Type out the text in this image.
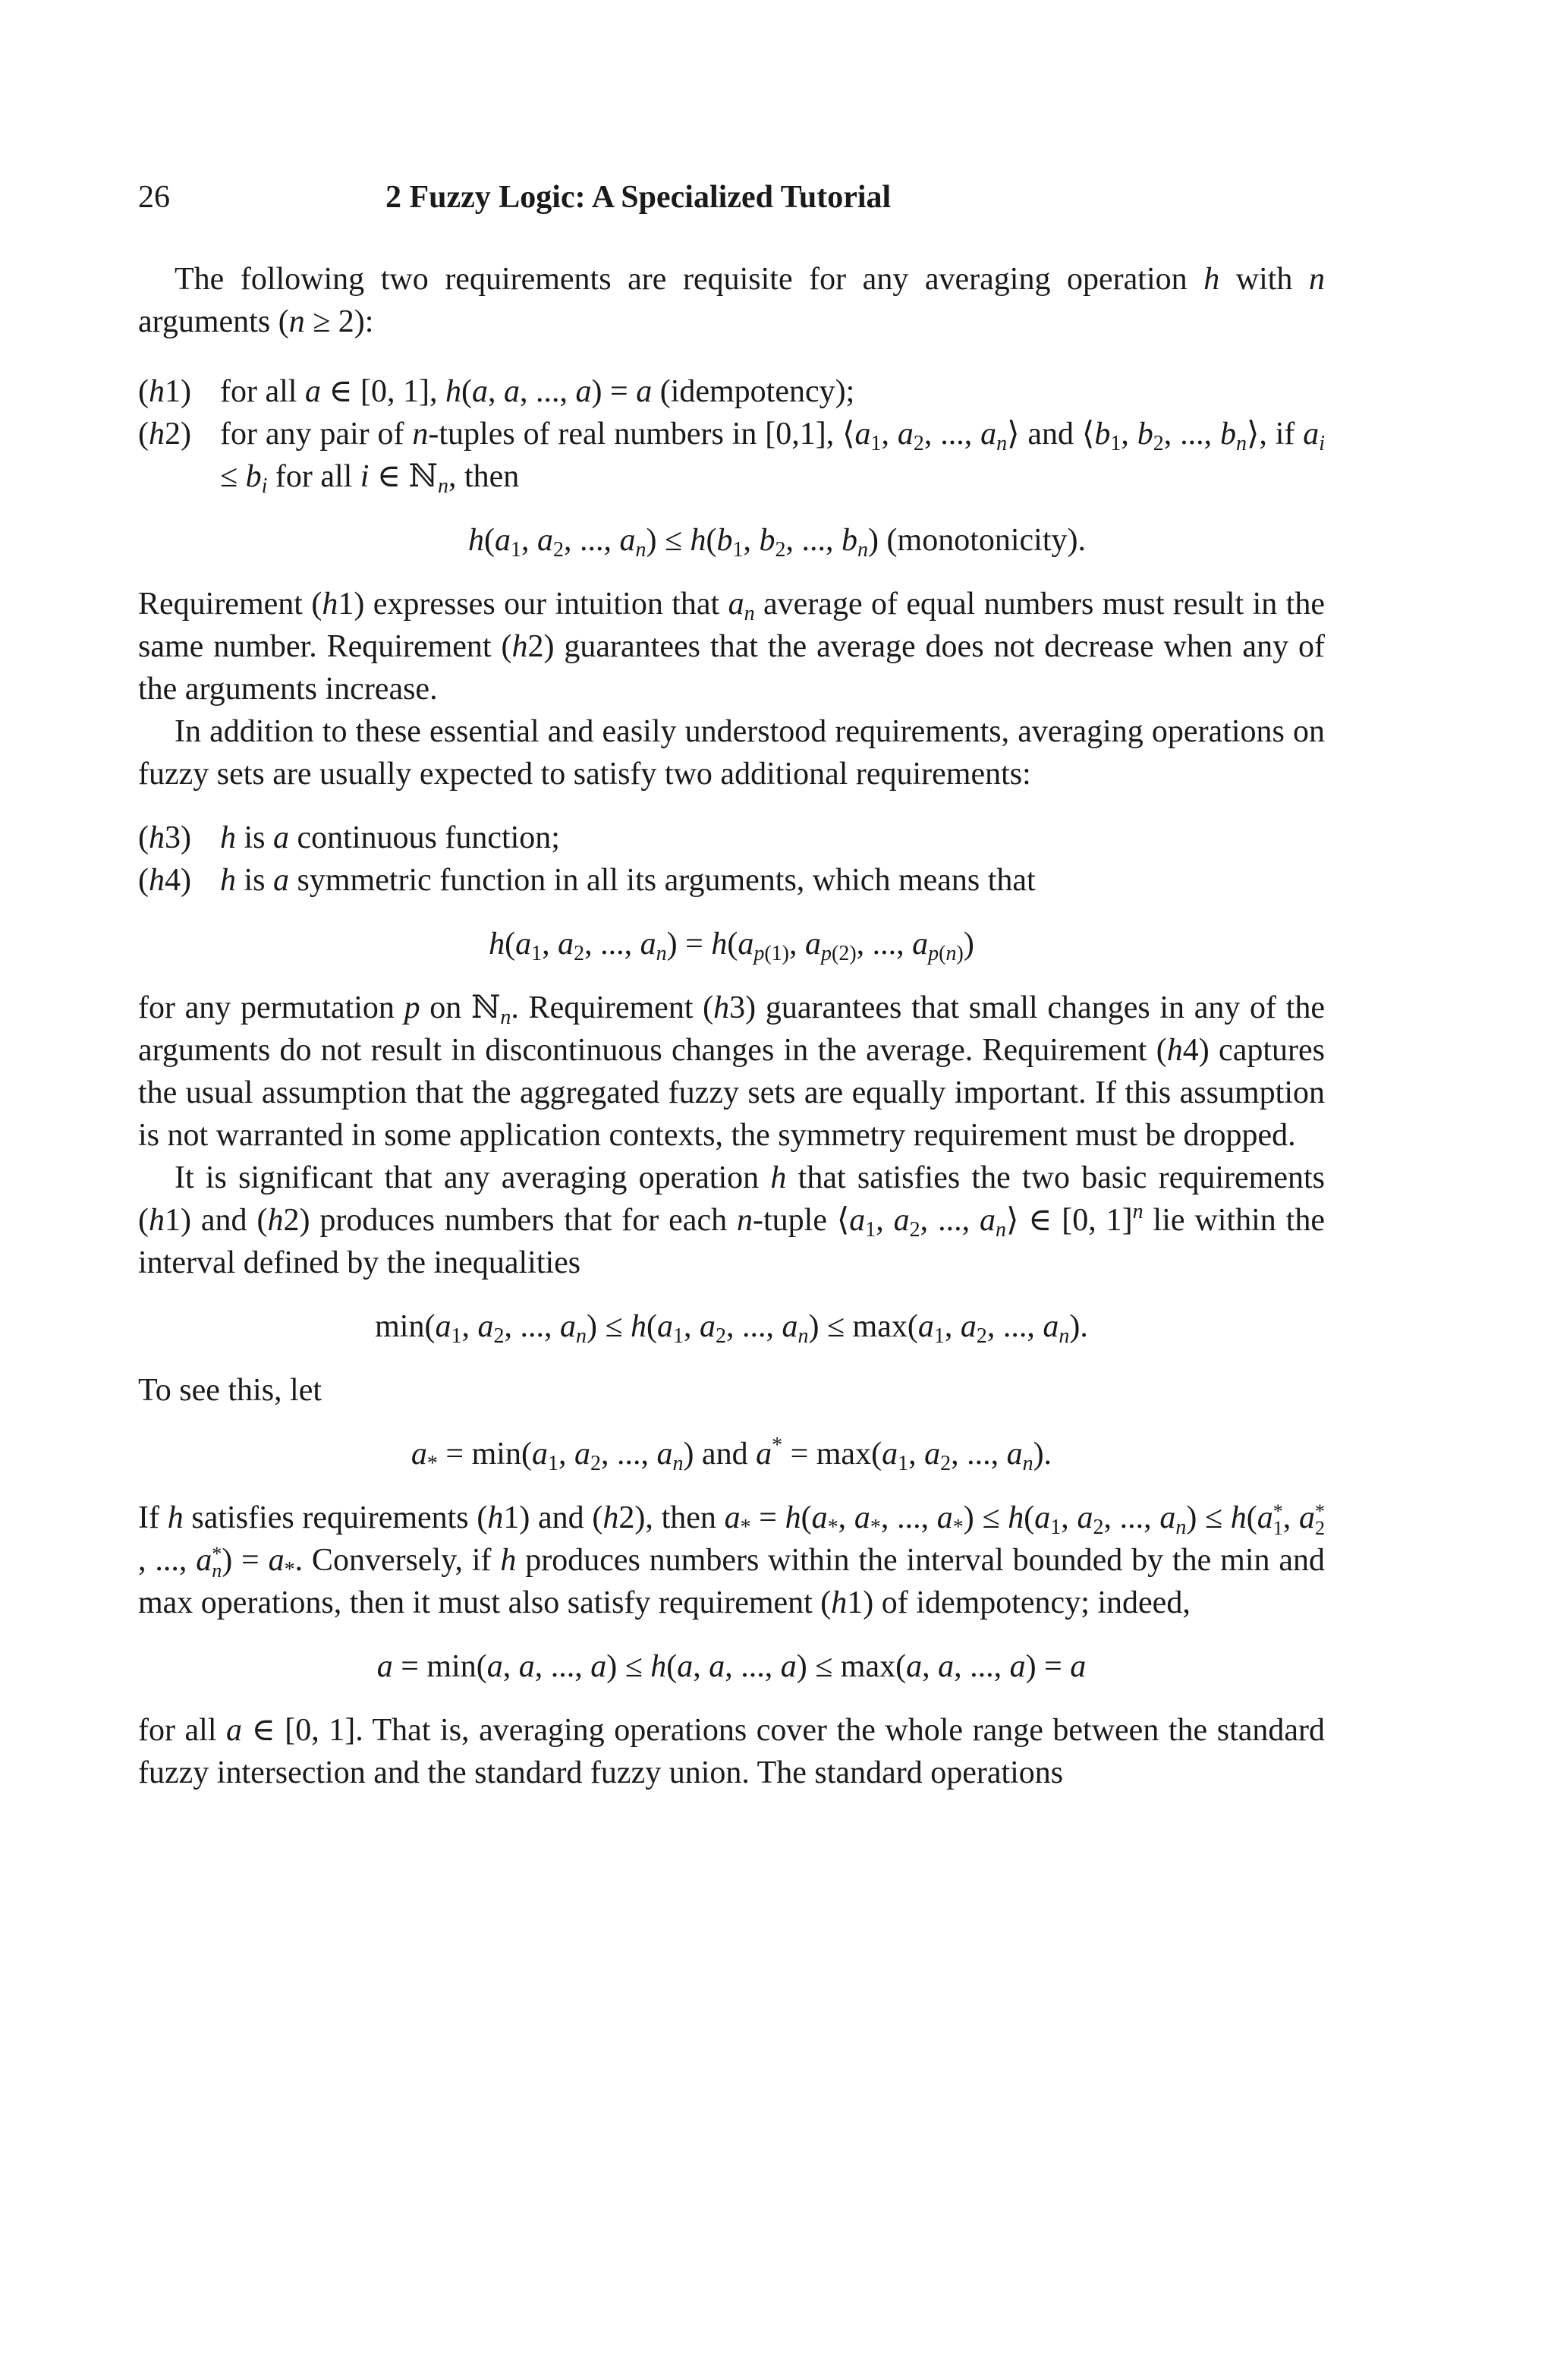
26	2 Fuzzy Logic: A Specialized Tutorial

The following two requirements are requisite for any averaging operation h with n arguments (n ≥ 2):

(h1) for all a ∈ [0, 1], h(a, a, ..., a) = a (idempotency);
(h2) for any pair of n-tuples of real numbers in [0,1], $⟨a_1$, $a_2$, ..., $a_n⟩$ and $⟨b_1$, $b_2$, ..., $b_n⟩$, if $a_i \le b_i$ for all i ∈ ℕ$_n$, then

$h(a_1$, $a_2$, ..., $a_n) \le h(b_1$, $b_2$, ..., $b_n$) (monotonicity).

Requirement (h1) expresses our intuition that $a_n$ average of equal numbers must result in the same number. Requirement (h2) guarantees that the average does not decrease when any of the arguments increase.

In addition to these essential and easily understood requirements, averaging operations on fuzzy sets are usually expected to satisfy two additional requirements:

(h3) h is a continuous function;
(h4) h is a symmetric function in all its arguments, which means that

$h(a_1$, $a_2$, ..., $a_n) = h(a_{p(1)}$, $a_{p(2)}$, ..., $a_{p(n)}$)

for any permutation p on ℕ$_n$. Requirement (h3) guarantees that small changes in any of the arguments do not result in discontinuous changes in the average. Requirement (h4) captures the usual assumption that the aggregated fuzzy sets are equally important. If this assumption is not warranted in some application contexts, the symmetry requirement must be dropped.

It is significant that any averaging operation h that satisfies the two basic requirements (h1) and (h2) produces numbers that for each n-tuple $⟨a_1$, $a_2$, ..., $a_n⟩$ ∈ [0, 1]$^n$ lie within the interval defined by the inequalities

$\min(a_1$, $a_2$, ..., $a_n) \le h(a_1$, $a_2$, ..., $a_n) \le \max(a_1$, $a_2$, ..., $a_n$).

To see this, let

$a_* = \min(a_1$, $a_2$, ..., $a_n$) and $a^* = \max(a_1$, $a_2$, ..., $a_n$).

If h satisfies requirements (h1) and (h2), then $a_* = h(a_*$, $a_*$, ..., $a_*) \le h(a_1$, $a_2$, ..., $a_n) \le h(a$ *
1 , a *
2
, ..., a *
n ) = $a_*$. Conversely, if h produces numbers within the interval bounded by the min and max operations, then it must also satisfy requirement (h1) of idempotency; indeed,

a = min(a, a, ..., a) ≤ h(a, a, ..., a) ≤ max(a, a, ..., a) = a

for all a ∈ [0, 1]. That is, averaging operations cover the whole range between the standard fuzzy intersection and the standard fuzzy union. The standard operations
